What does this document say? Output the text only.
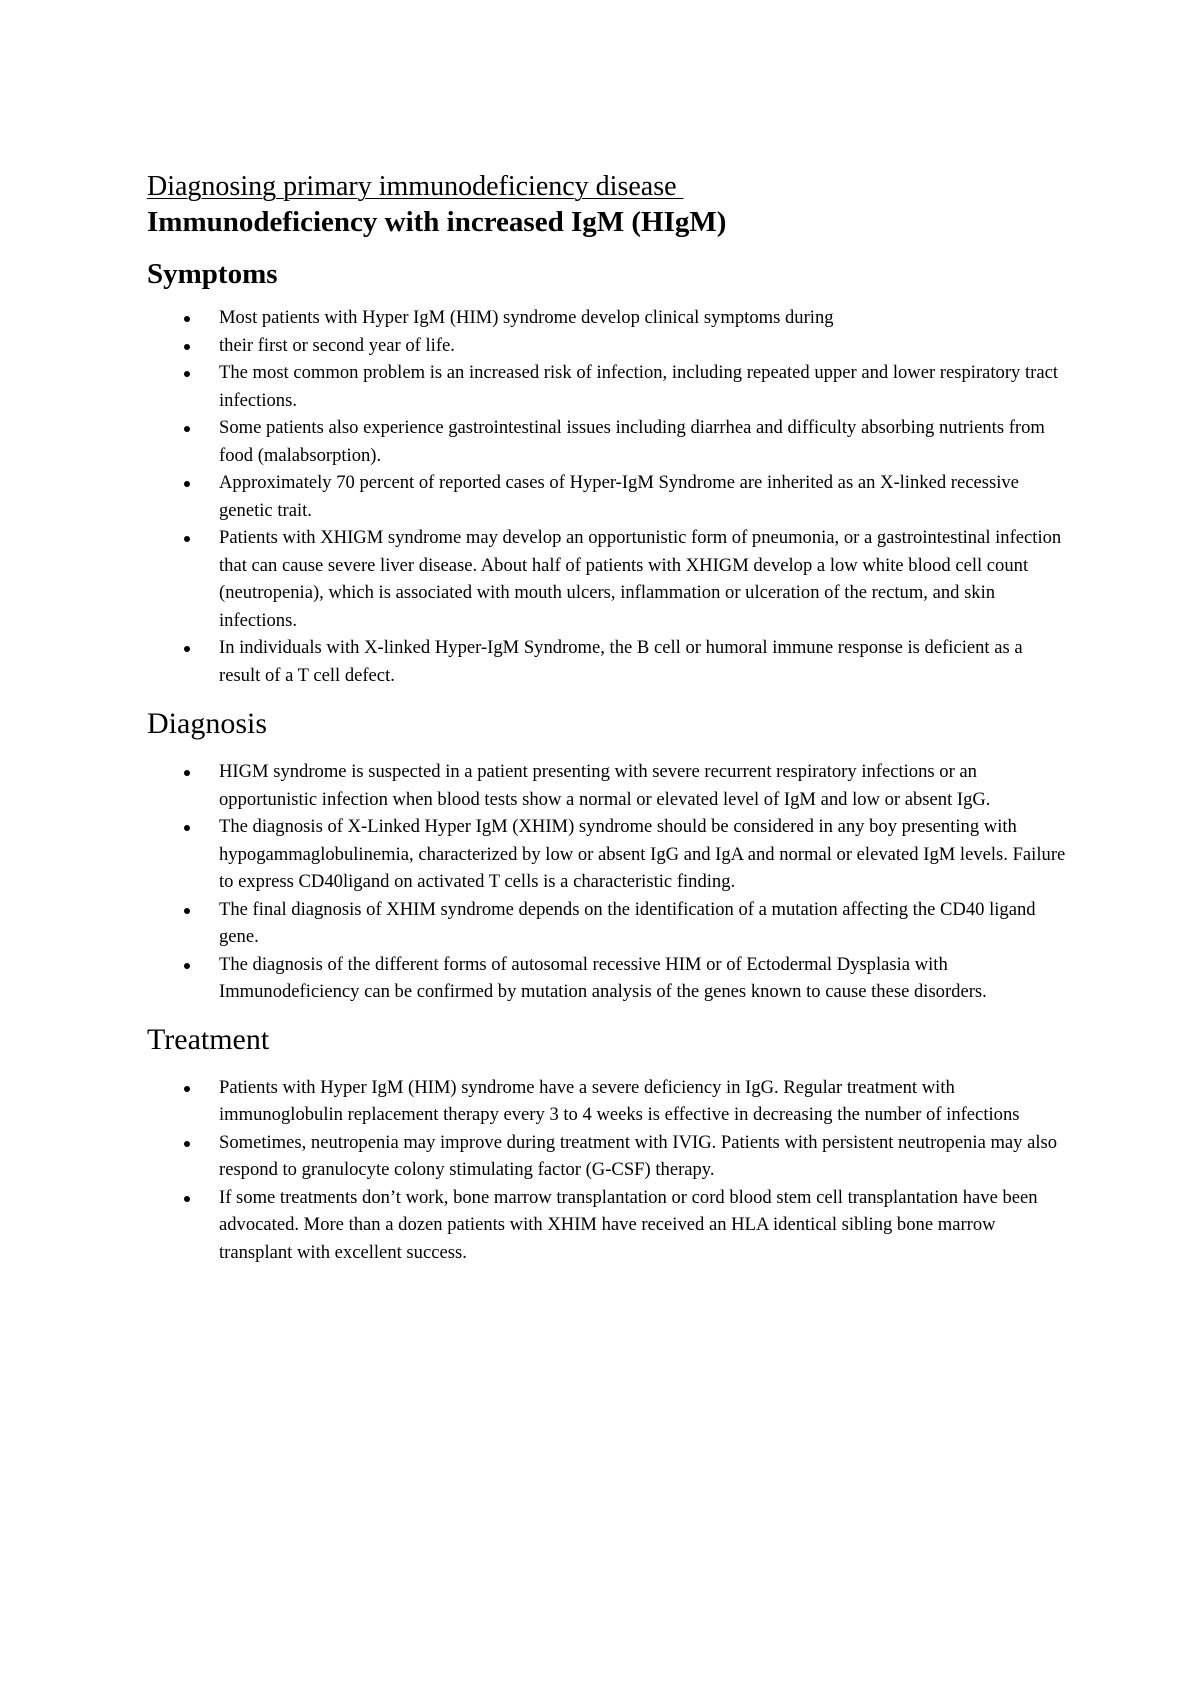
Diagnosing primary immunodeficiency disease
Immunodeficiency with increased IgM (HIgM)
Symptoms
Most patients with Hyper IgM (HIM) syndrome develop clinical symptoms during
their first or second year of life.
The most common problem is an increased risk of infection, including repeated upper and lower respiratory tract infections.
Some patients also experience gastrointestinal issues including diarrhea and difficulty absorbing nutrients from food (malabsorption).
Approximately 70 percent of reported cases of Hyper-IgM Syndrome are inherited as an X-linked recessive genetic trait.
Patients with XHIGM syndrome may develop an opportunistic form of pneumonia, or a gastrointestinal infection that can cause severe liver disease. About half of patients with XHIGM develop a low white blood cell count (neutropenia), which is associated with mouth ulcers, inflammation or ulceration of the rectum, and skin infections.
In individuals with X-linked Hyper-IgM Syndrome, the B cell or humoral immune response is deficient as a result of a T cell defect.
Diagnosis
HIGM syndrome is suspected in a patient presenting with severe recurrent respiratory infections or an opportunistic infection when blood tests show a normal or elevated level of IgM and low or absent IgG.
The diagnosis of X-Linked Hyper IgM (XHIM) syndrome should be considered in any boy presenting with hypogammaglobulinemia, characterized by low or absent IgG and IgA and normal or elevated IgM levels. Failure to express CD40ligand on activated T cells is a characteristic finding.
The final diagnosis of XHIM syndrome depends on the identification of a mutation affecting the CD40 ligand gene.
The diagnosis of the different forms of autosomal recessive HIM or of Ectodermal Dysplasia with Immunodeficiency can be confirmed by mutation analysis of the genes known to cause these disorders.
Treatment
Patients with Hyper IgM (HIM) syndrome have a severe deficiency in IgG. Regular treatment with immunoglobulin replacement therapy every 3 to 4 weeks is effective in decreasing the number of infections
Sometimes, neutropenia may improve during treatment with IVIG. Patients with persistent neutropenia may also respond to granulocyte colony stimulating factor (G-CSF) therapy.
If some treatments don’t work, bone marrow transplantation or cord blood stem cell transplantation have been advocated. More than a dozen patients with XHIM have received an HLA identical sibling bone marrow transplant with excellent success.
